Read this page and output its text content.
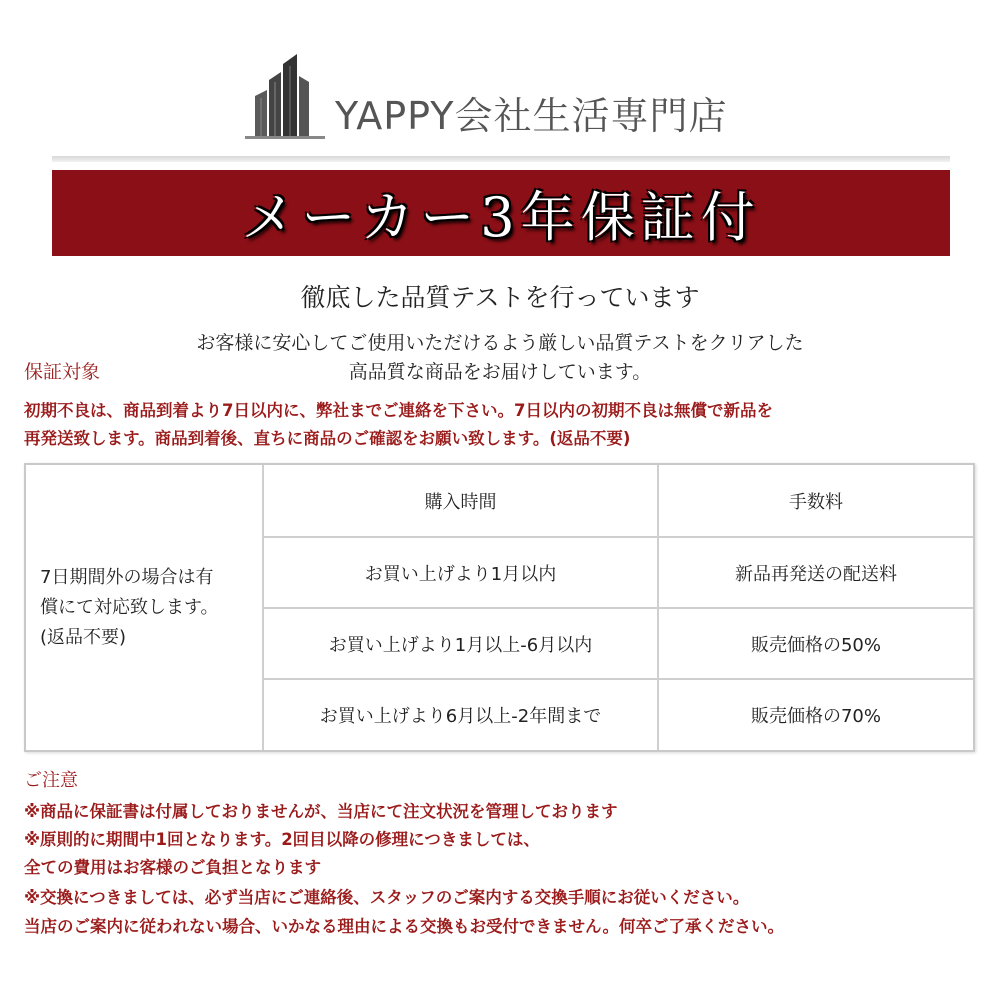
YAPPY会社生活専門店
メーカー3年保証付
徹底した品質テストを行っています
お客様に安心してご使用いただけるよう厳しい品質テストをクリアした
高品質な商品をお届けしています。
保証対象
初期不良は、商品到着より7日以内に、弊社までご連絡を下さい。7日以内の初期不良は無償で新品を
再発送致します。商品到着後、直ちに商品のご確認をお願い致します。(返品不要)
7日期間外の場合は有
償にて対応致します。
(返品不要)
購入時間	手数料
お買い上げより1月以内	新品再発送の配送料
お買い上げより1月以上-6月以内	販売価格の50%
お買い上げより6月以上-2年間まで	販売価格の70%
ご注意
※商品に保証書は付属しておりませんが、当店にて注文状況を管理しております
※原則的に期間中1回となります。2回目以降の修理につきましては、
全ての費用はお客様のご負担となります
※交換につきましては、必ず当店にご連絡後、スタッフのご案内する交換手順にお従いください。
当店のご案内に従われない場合、いかなる理由による交換もお受付できません。何卒ご了承ください。
